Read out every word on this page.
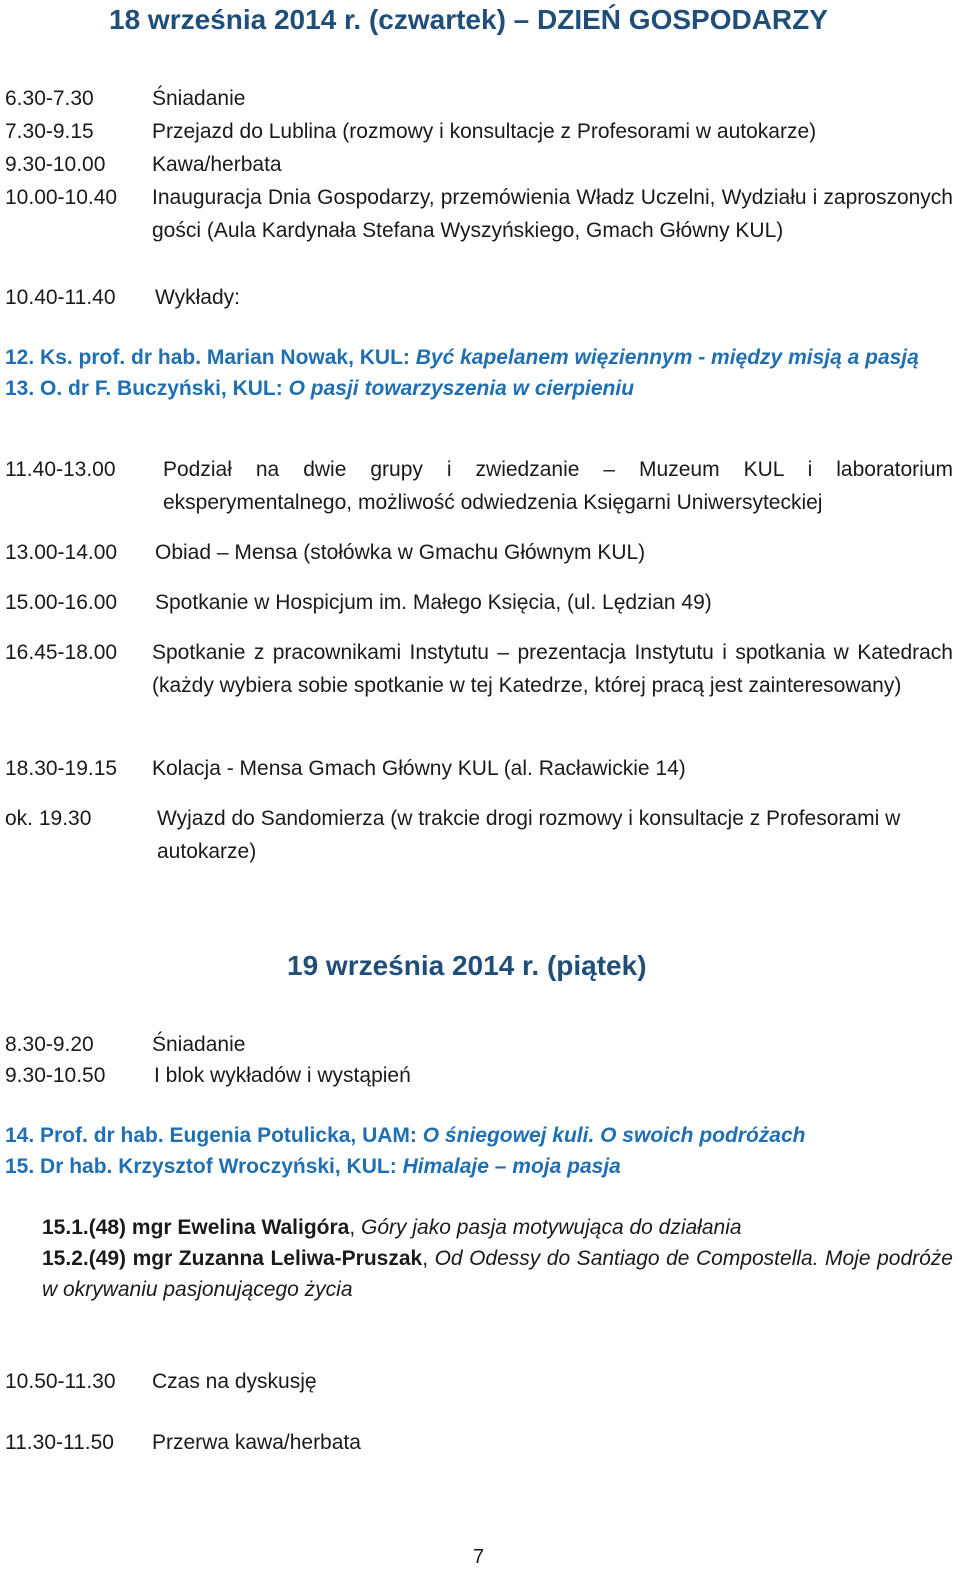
18 września 2014 r. (czwartek) – DZIEŃ GOSPODARZY
6.30-7.30	Śniadanie
7.30-9.15	Przejazd do Lublina (rozmowy i konsultacje z Profesorami w autokarze)
9.30-10.00 Kawa/herbata
10.00-10.40 Inauguracja Dnia Gospodarzy, przemówienia Władz Uczelni, Wydziału i zaproszonych gości (Aula Kardynała Stefana Wyszyńskiego, Gmach Główny KUL)
10.40-11.40 Wykłady:
12. Ks. prof. dr hab. Marian Nowak, KUL: Być kapelanem więziennym - między misją a pasją
13. O. dr F. Buczyński, KUL: O pasji towarzyszenia w cierpieniu
11.40-13.00 Podział na dwie grupy i zwiedzanie – Muzeum KUL i laboratorium eksperymentalnego, możliwość odwiedzenia Księgarni Uniwersyteckiej
13.00-14.00 Obiad – Mensa (stołówka w Gmachu Głównym KUL)
15.00-16.00 Spotkanie w Hospicjum im. Małego Księcia, (ul. Lędzian 49)
16.45-18.00 Spotkanie z pracownikami Instytutu – prezentacja Instytutu i spotkania w Katedrach (każdy wybiera sobie spotkanie w tej Katedrze, której pracą jest zainteresowany)
18.30-19.15 Kolacja - Mensa Gmach Główny KUL (al. Racławickie 14)
ok. 19.30	Wyjazd do Sandomierza (w trakcie drogi rozmowy i konsultacje z Profesorami w autokarze)
19 września 2014 r. (piątek)
8.30-9.20	Śniadanie
9.30-10.50 I blok wykładów i wystąpień
14. Prof. dr hab. Eugenia Potulicka, UAM: O śniegowej kuli. O swoich podróżach
15. Dr hab. Krzysztof Wroczyński, KUL: Himalaje – moja pasja
15.1.(48) mgr Ewelina Waligóra, Góry jako pasja motywująca do działania
15.2.(49) mgr Zuzanna Leliwa-Pruszak, Od Odessy do Santiago de Compostella. Moje podróże w okrywaniu pasjonującego życia
10.50-11.30 Czas na dyskusję
11.30-11.50 Przerwa kawa/herbata
7
